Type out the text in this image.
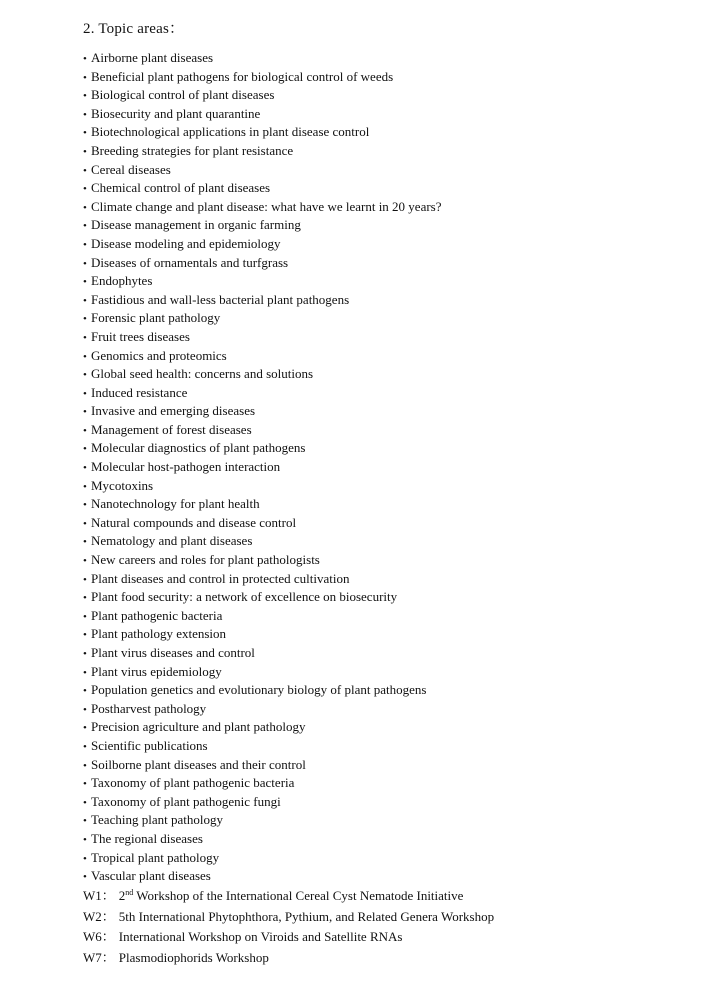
2. Topic areas：
• Airborne plant diseases
• Beneficial plant pathogens for biological control of weeds
• Biological control of plant diseases
• Biosecurity and plant quarantine
• Biotechnological applications in plant disease control
• Breeding strategies for plant resistance
• Cereal diseases
• Chemical control of plant diseases
• Climate change and plant disease: what have we learnt in 20 years?
• Disease management in organic farming
• Disease modeling and epidemiology
• Diseases of ornamentals and turfgrass
• Endophytes
• Fastidious and wall-less bacterial plant pathogens
• Forensic plant pathology
• Fruit trees diseases
• Genomics and proteomics
• Global seed health: concerns and solutions
• Induced resistance
• Invasive and emerging diseases
• Management of forest diseases
• Molecular diagnostics of plant pathogens
• Molecular host-pathogen interaction
• Mycotoxins
• Nanotechnology for plant health
• Natural compounds and disease control
• Nematology and plant diseases
• New careers and roles for plant pathologists
• Plant diseases and control in protected cultivation
• Plant food security: a network of excellence on biosecurity
• Plant pathogenic bacteria
• Plant pathology extension
• Plant virus diseases and control
• Plant virus epidemiology
• Population genetics and evolutionary biology of plant pathogens
• Postharvest pathology
• Precision agriculture and plant pathology
• Scientific publications
• Soilborne plant diseases and their control
• Taxonomy of plant pathogenic bacteria
• Taxonomy of plant pathogenic fungi
• Teaching plant pathology
• The regional diseases
• Tropical plant pathology
• Vascular plant diseases
W1： 2nd Workshop of the International Cereal Cyst Nematode Initiative
W2： 5th International Phytophthora, Pythium, and Related Genera Workshop
W6： International Workshop on Viroids and Satellite RNAs
W7： Plasmodiophorids Workshop
